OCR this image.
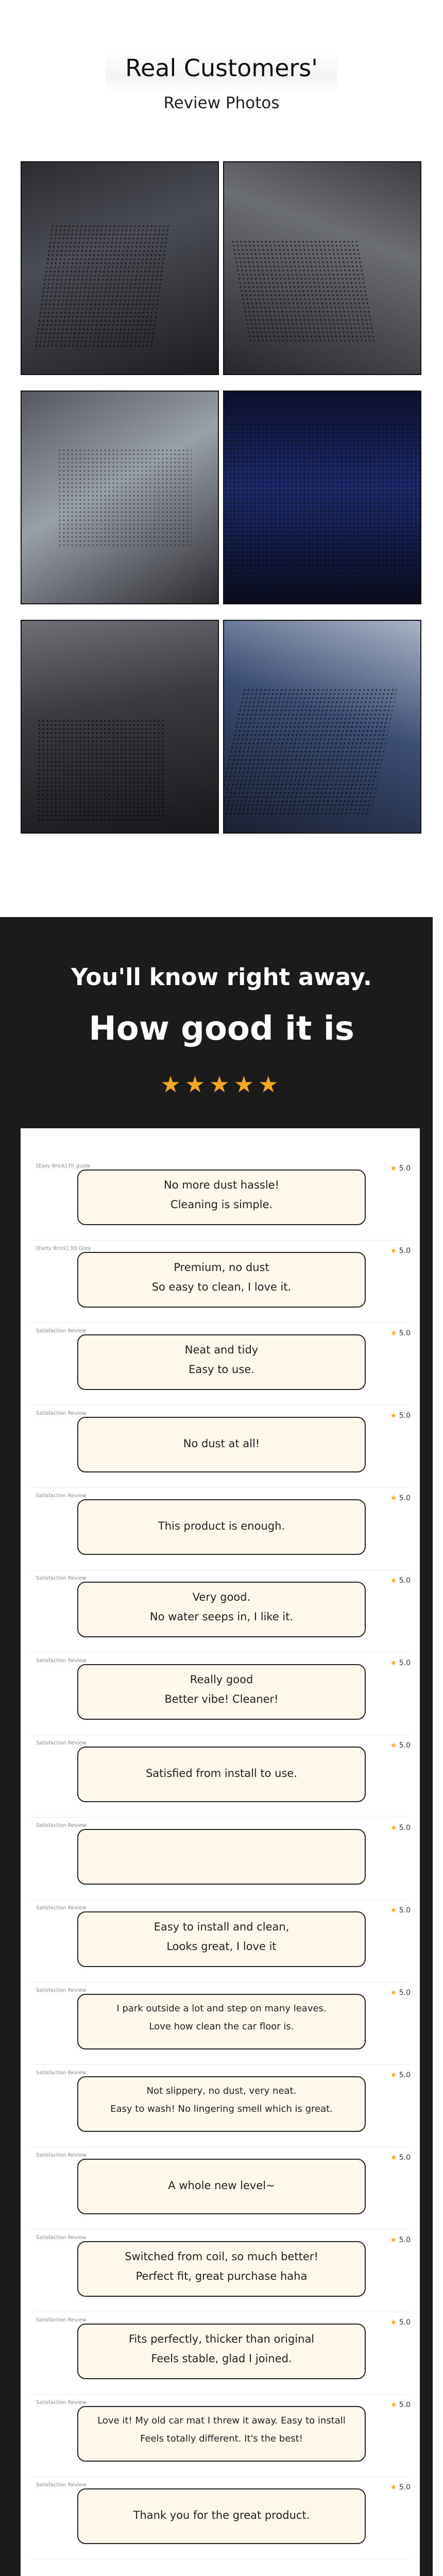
Real Customers'
Review Photos
You'll know right away.
How good it is
★★★★★
[Easy Brick] Fit guide	★ 5.0
No more dust hassle!
Cleaning is simple.
[Earty Brick] 3D Grey	★ 5.0
Premium, no dust
So easy to clean, I love it.
Satisfaction Review	★ 5.0
Neat and tidy
Easy to use.
Satisfaction Review	★ 5.0
No dust at all!
Satisfaction Review	★ 5.0
This product is enough.
Satisfaction Review	★ 5.0
Very good.
No water seeps in, I like it.
Satisfaction Review	★ 5.0
Really good
Better vibe! Cleaner!
Satisfaction Review	★ 5.0
Satisfied from install to use.
Satisfaction Review	★ 5.0
Satisfaction Review	★ 5.0
Easy to install and clean,
Looks great, I love it
Satisfaction Review	★ 5.0
I park outside a lot and step on many leaves.
Love how clean the car floor is.
Satisfaction Review	★ 5.0
Not slippery, no dust, very neat.
Easy to wash! No lingering smell which is great.
Satisfaction Review	★ 5.0
A whole new level~
Satisfaction Review	★ 5.0
Switched from coil, so much better!
Perfect fit, great purchase haha
Satisfaction Review	★ 5.0
Fits perfectly, thicker than original
Feels stable, glad I joined.
Satisfaction Review	★ 5.0
Love it! My old car mat I threw it away. Easy to install
Feels totally different. It's the best!
Satisfaction Review	★ 5.0
Thank you for the great product.
